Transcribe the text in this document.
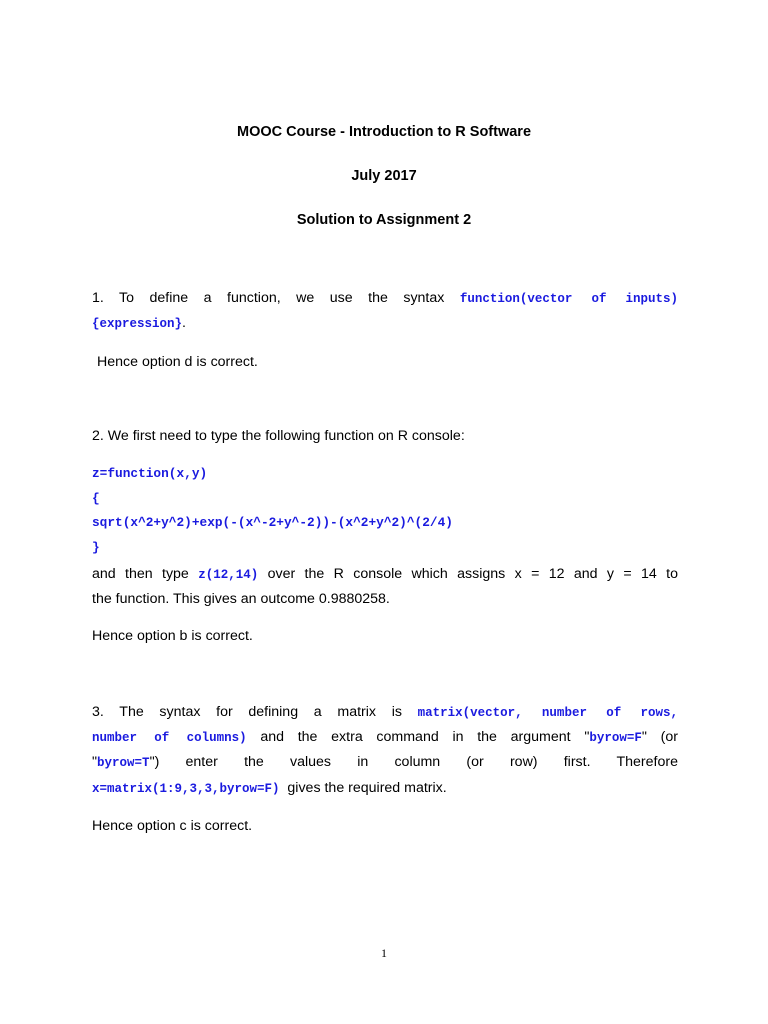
MOOC Course - Introduction to R Software
July 2017
Solution to Assignment 2
1. To define a function, we use the syntax function(vector of inputs)
{expression}.
Hence option d is correct.
2. We first need to type the following function on R console:
z=function(x,y)
{
sqrt(x^2+y^2)+exp(-(x^-2+y^-2))-(x^2+y^2)^(2/4)
}
and then type z(12,14) over the R console which assigns x = 12 and y = 14 to
the function. This gives an outcome 0.9880258.
Hence option b is correct.
3. The syntax for defining a matrix is matrix(vector, number of rows,
number of columns) and the extra command in the argument "byrow=F" (or
"byrow=T") enter the values in column (or row) first. Therefore
x=matrix(1:9,3,3,byrow=F) gives the required matrix.
Hence option c is correct.
1
